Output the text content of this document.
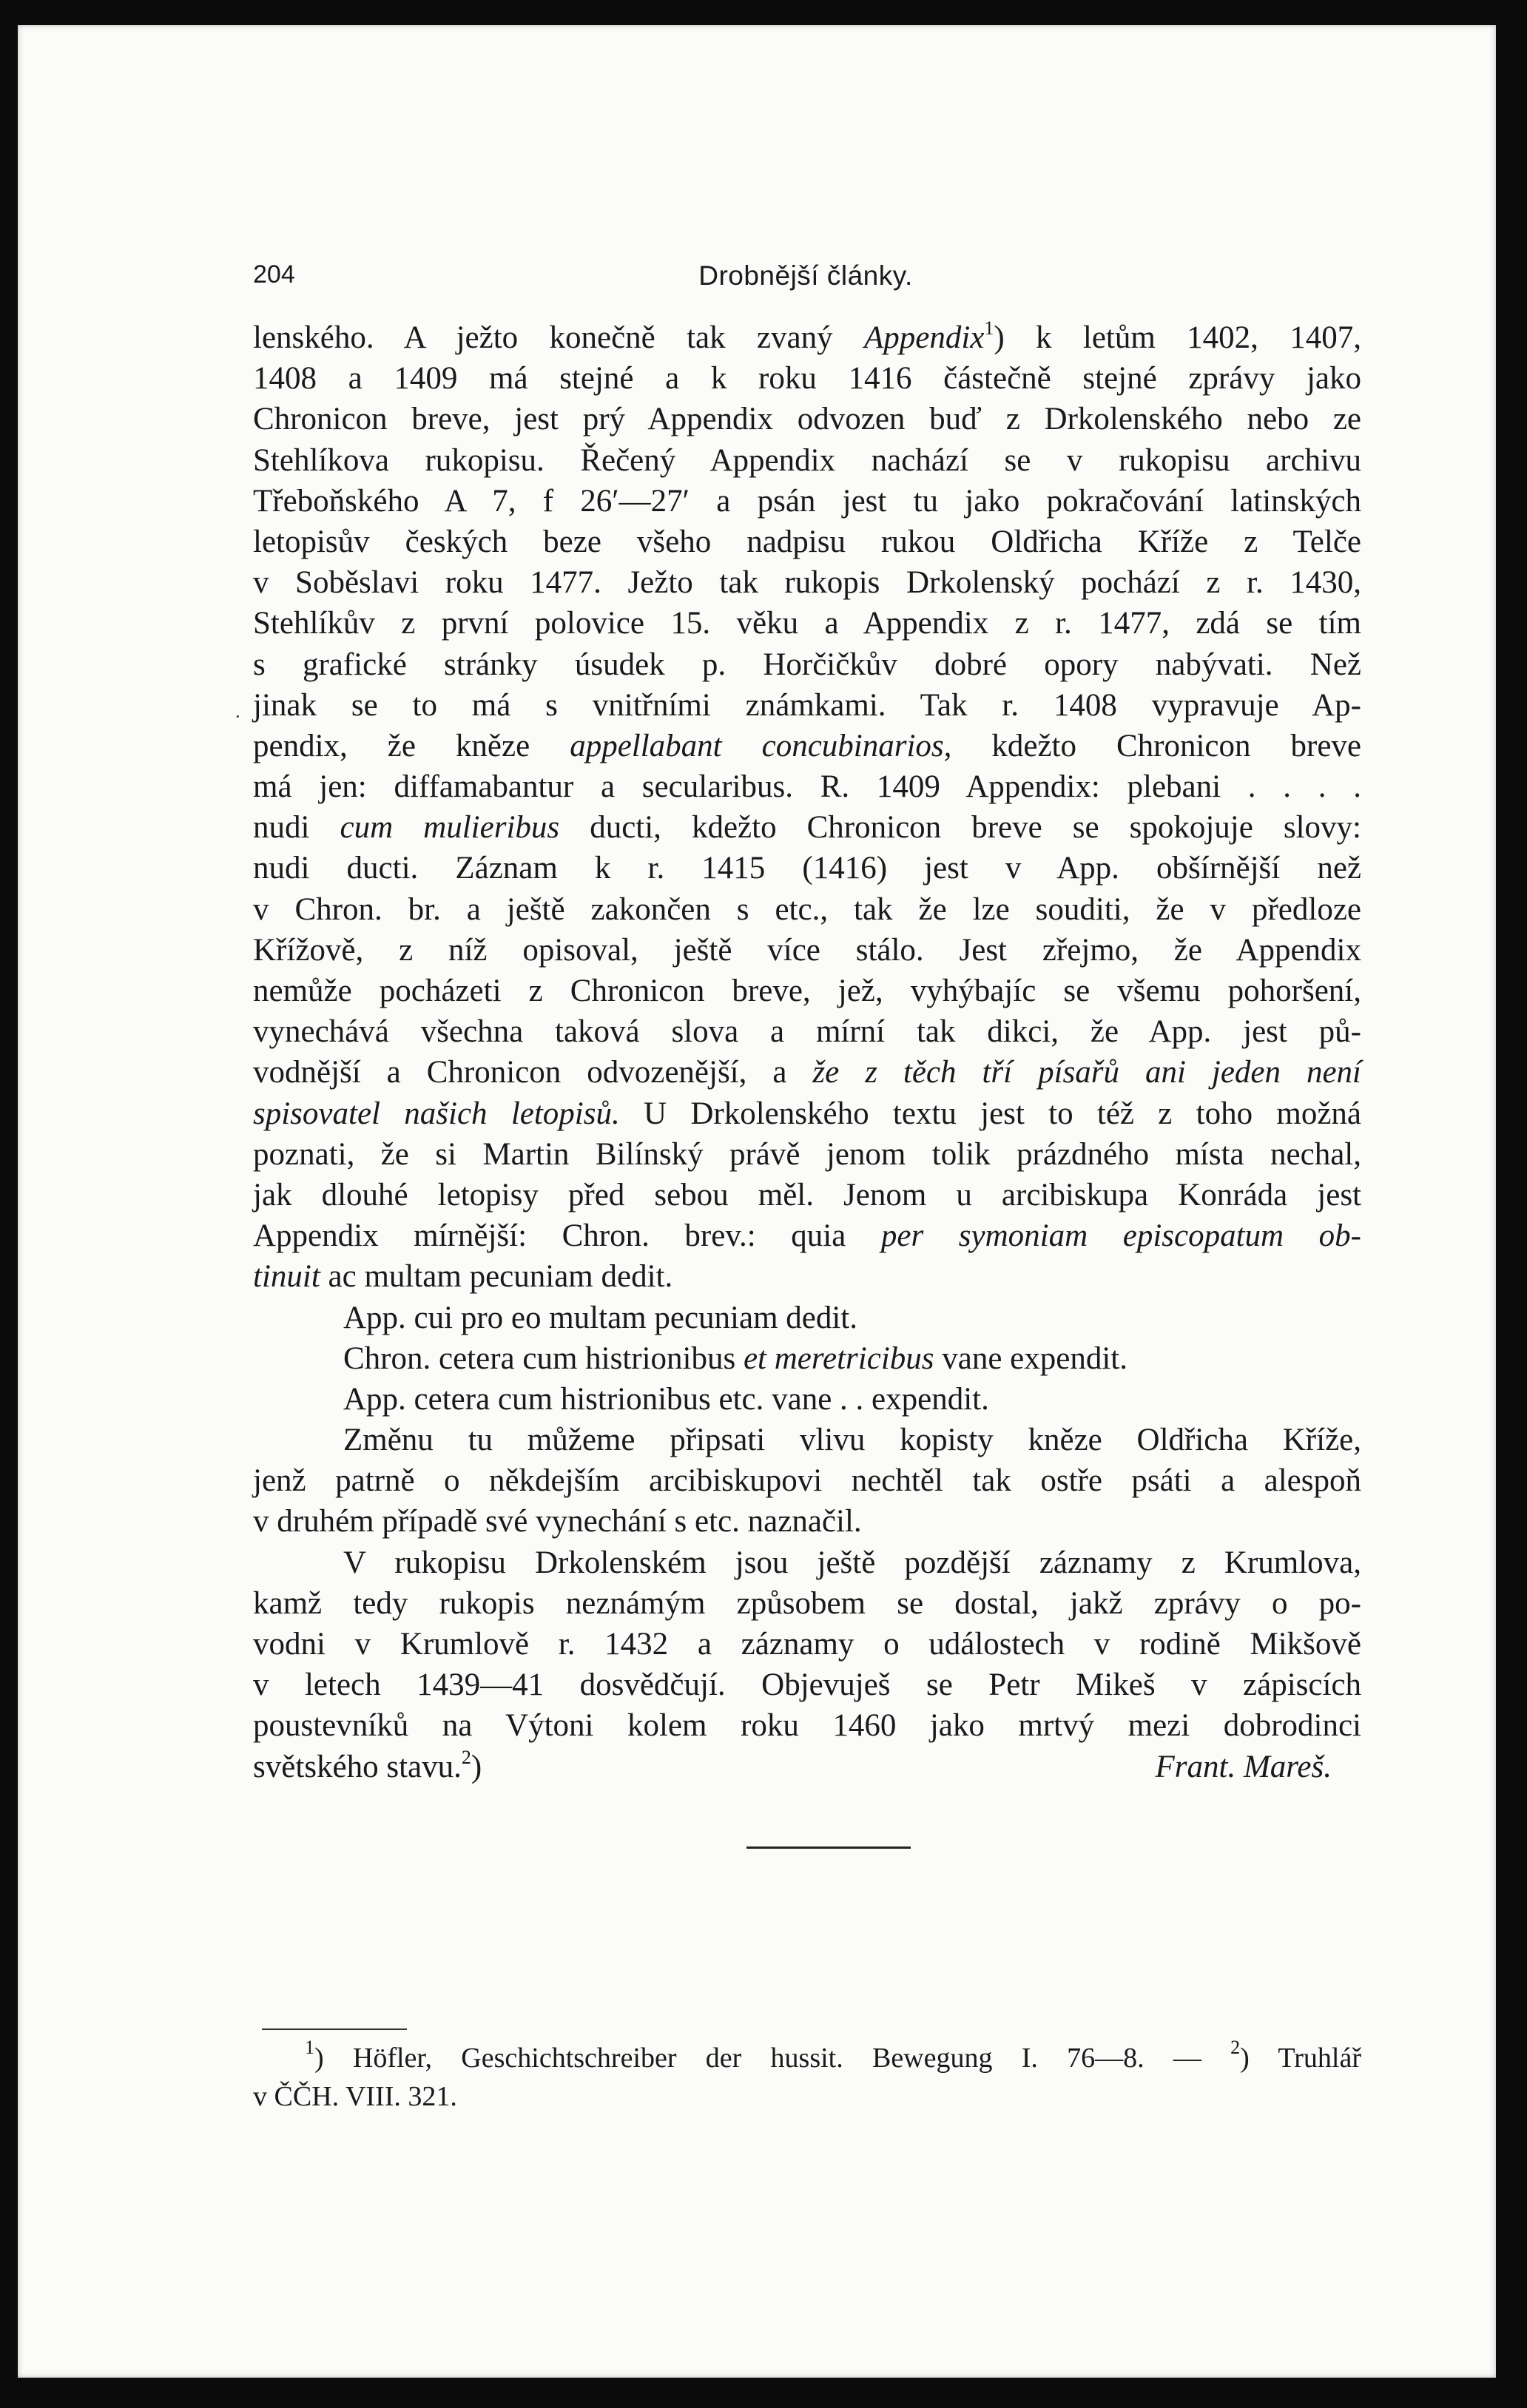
204	Drobnější články.
·
lenského. A ježto konečně tak zvaný Appendix$^1$) k letům 1402, 1407,
1408 a 1409 má stejné a k roku 1416 částečně stejné zprávy jako
Chronicon breve, jest prý Appendix odvozen buď z Drkolenského nebo ze
Stehlíkova rukopisu. Řečený Appendix nachází se v rukopisu archivu
Třeboňského A 7, f 26′—27′ a psán jest tu jako pokračování latinských
letopisův českých beze všeho nadpisu rukou Oldřicha Kříže z Telče
v Soběslavi roku 1477. Ježto tak rukopis Drkolenský pochází z r. 1430,
Stehlíkův z první polovice 15. věku a Appendix z r. 1477, zdá se tím
s grafické stránky úsudek p. Horčičkův dobré opory nabývati. Než
jinak se to má s vnitřními známkami. Tak r. 1408 vypravuje Ap-
pendix, že kněze appellabant concubinarios, kdežto Chronicon breve
má jen: diffamabantur a secularibus. R. 1409 Appendix: plebani . . . .
nudi cum mulieribus ducti, kdežto Chronicon breve se spokojuje slovy:
nudi ducti. Záznam k r. 1415 (1416) jest v App. obšírnější než
v Chron. br. a ještě zakončen s etc., tak že lze souditi, že v předloze
Křížově, z níž opisoval, ještě více stálo. Jest zřejmo, že Appendix
nemůže pocházeti z Chronicon breve, jež, vyhýbajíc se všemu pohoršení,
vynechává všechna taková slova a mírní tak dikci, že App. jest pů-
vodnější a Chronicon odvozenější, a že z těch tří písařů ani jeden není
spisovatel našich letopisů. U Drkolenského textu jest to též z toho možná
poznati, že si Martin Bilínský právě jenom tolik prázdného místa nechal,
jak dlouhé letopisy před sebou měl. Jenom u arcibiskupa Konráda jest
Appendix mírnější: Chron. brev.: quia per symoniam episcopatum ob-
tinuit ac multam pecuniam dedit.
App. cui pro eo multam pecuniam dedit.
Chron. cetera cum histrionibus et meretricibus vane expendit.
App. cetera cum histrionibus etc. vane . . expendit.
Změnu tu můžeme připsati vlivu kopisty kněze Oldřicha Kříže,
jenž patrně o někdejším arcibiskupovi nechtěl tak ostře psáti a alespoň
v druhém případě své vynechání s etc. naznačil.
V rukopisu Drkolenském jsou ještě pozdější záznamy z Krumlova,
kamž tedy rukopis neznámým způsobem se dostal, jakž zprávy o po-
vodni v Krumlově r. 1432 a záznamy o událostech v rodině Mikšově
v letech 1439—41 dosvědčují. Objevuješ se Petr Mikeš v zápiscích
poustevníků na Výtoni kolem roku 1460 jako mrtvý mezi dobrodinci
světského stavu.$^2$)	Frant. Mareš.
$^1$) Höfler, Geschichtschreiber der hussit. Bewegung I. 76—8. — $^2$) Truhlář
v ČČH. VIII. 321.
